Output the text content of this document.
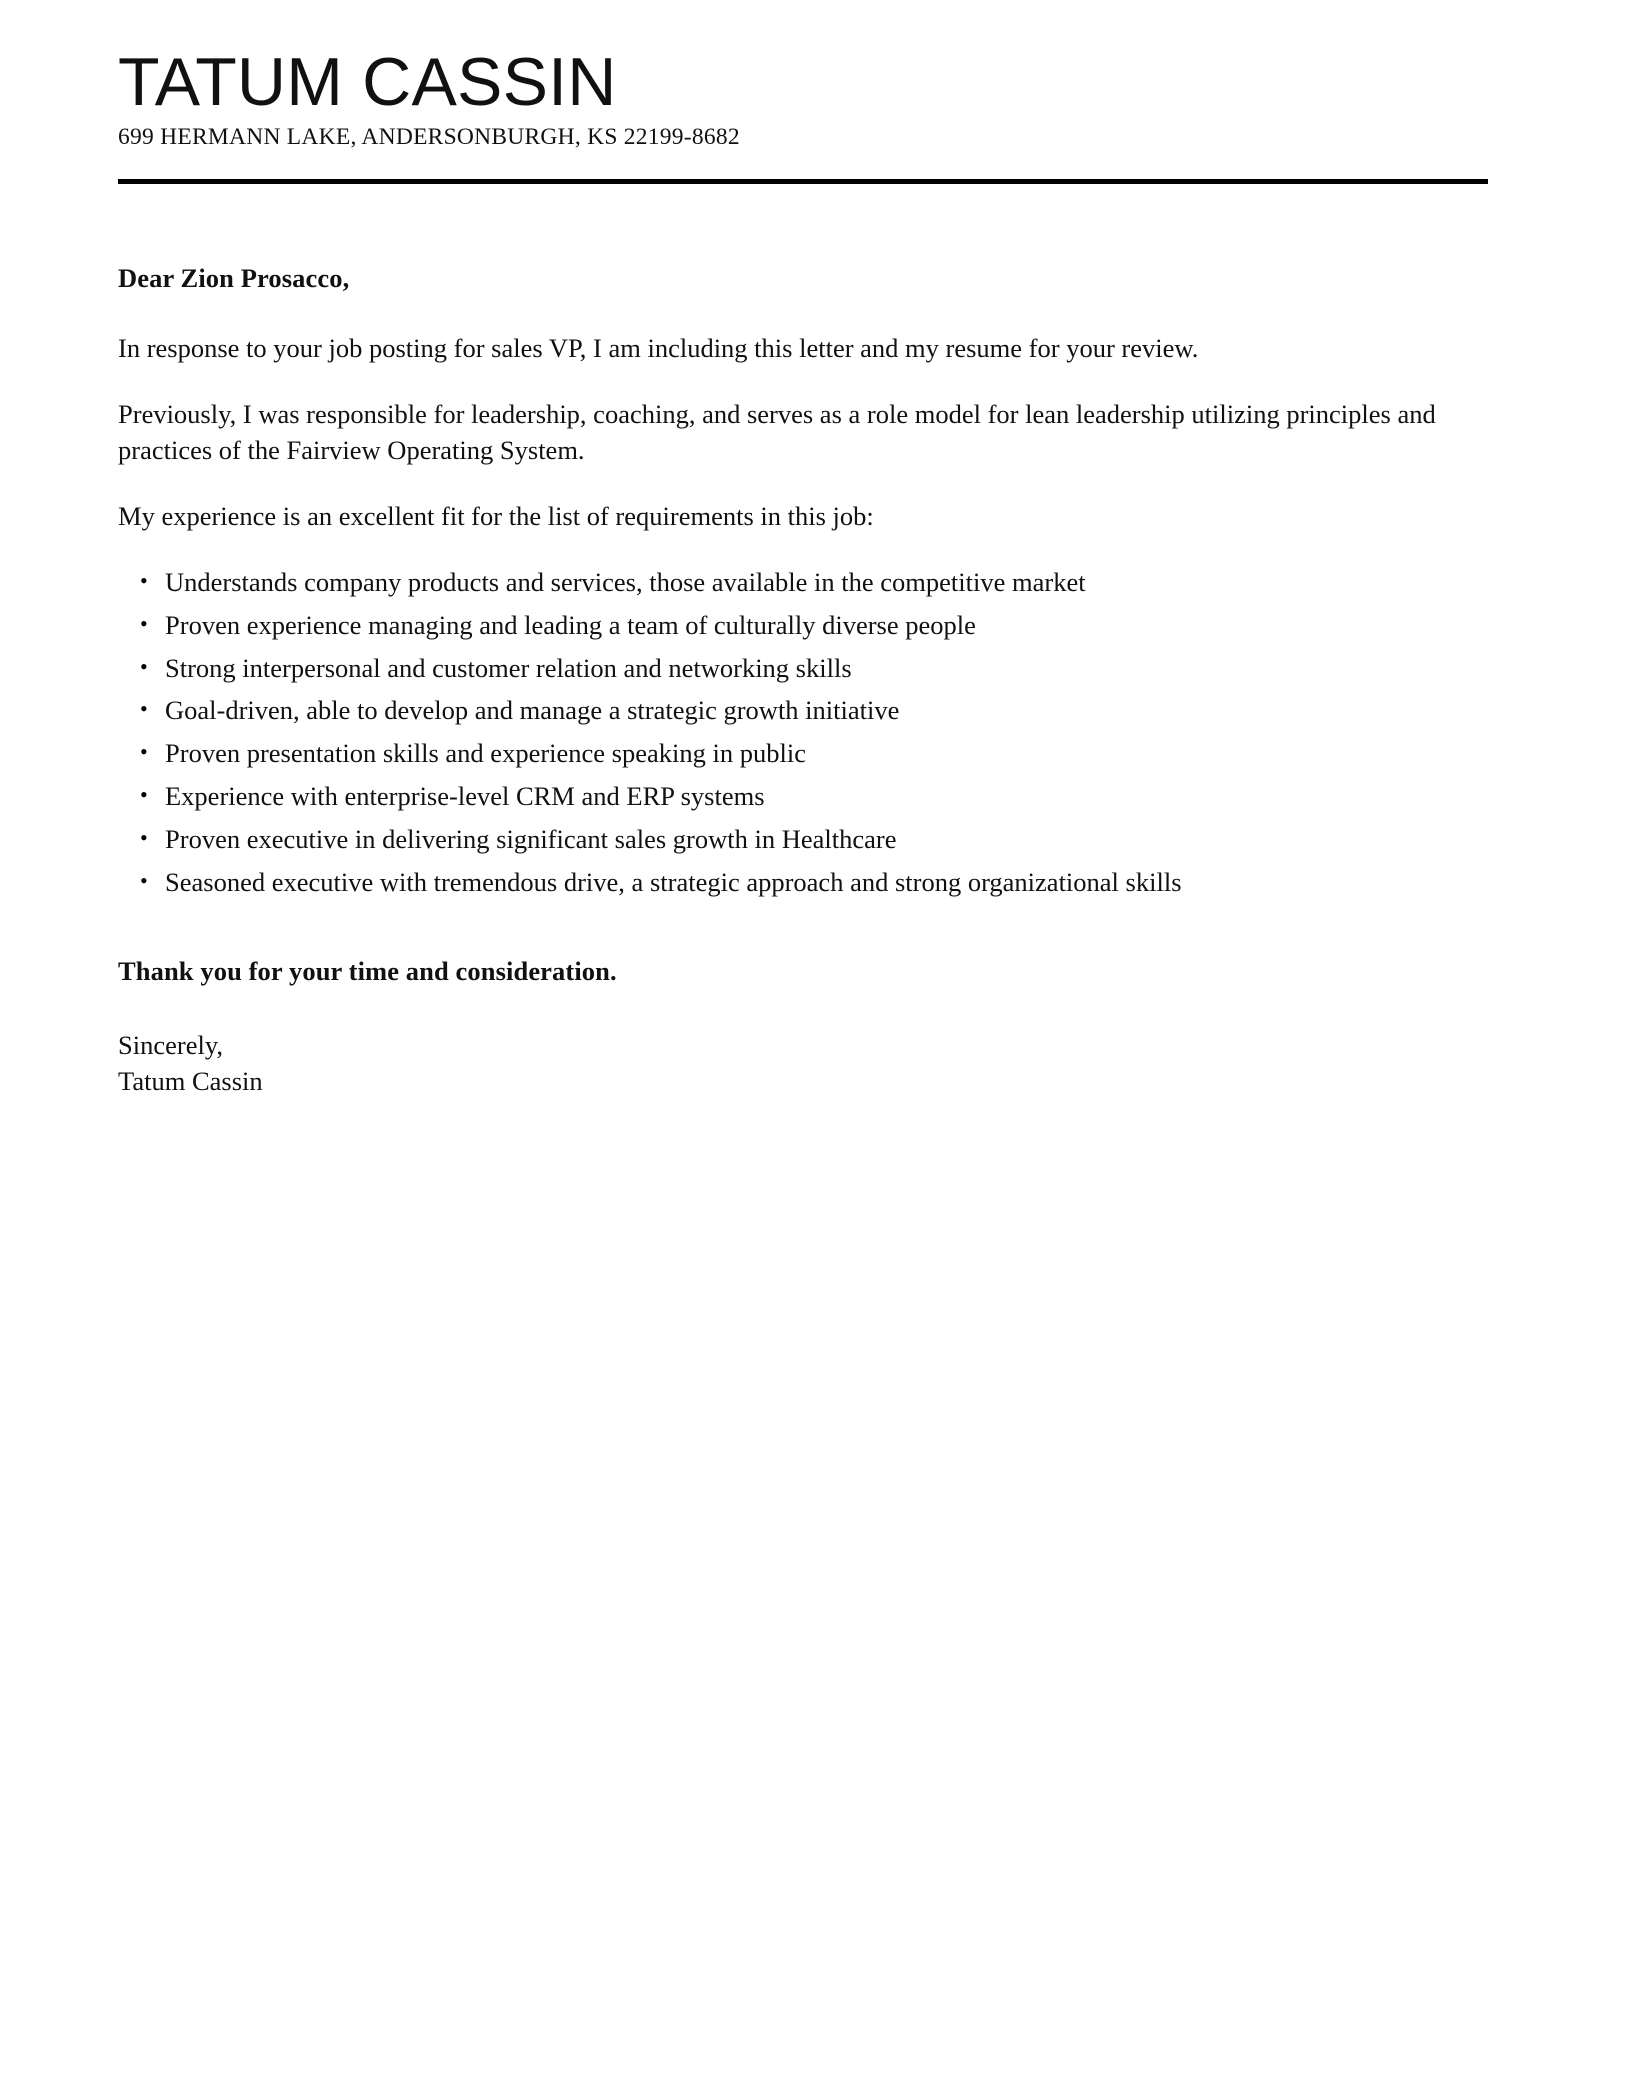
TATUM CASSIN

699 HERMANN LAKE, ANDERSONBURGH, KS 22199-8682

Dear Zion Prosacco,

In response to your job posting for sales VP, I am including this letter and my resume for your review.

Previously, I was responsible for leadership, coaching, and serves as a role model for lean leadership utilizing principles and practices of the Fairview Operating System.

My experience is an excellent fit for the list of requirements in this job:

• Understands company products and services, those available in the competitive market
• Proven experience managing and leading a team of culturally diverse people
• Strong interpersonal and customer relation and networking skills
• Goal-driven, able to develop and manage a strategic growth initiative
• Proven presentation skills and experience speaking in public
• Experience with enterprise-level CRM and ERP systems
• Proven executive in delivering significant sales growth in Healthcare
• Seasoned executive with tremendous drive, a strategic approach and strong organizational skills

Thank you for your time and consideration.

Sincerely,
Tatum Cassin
